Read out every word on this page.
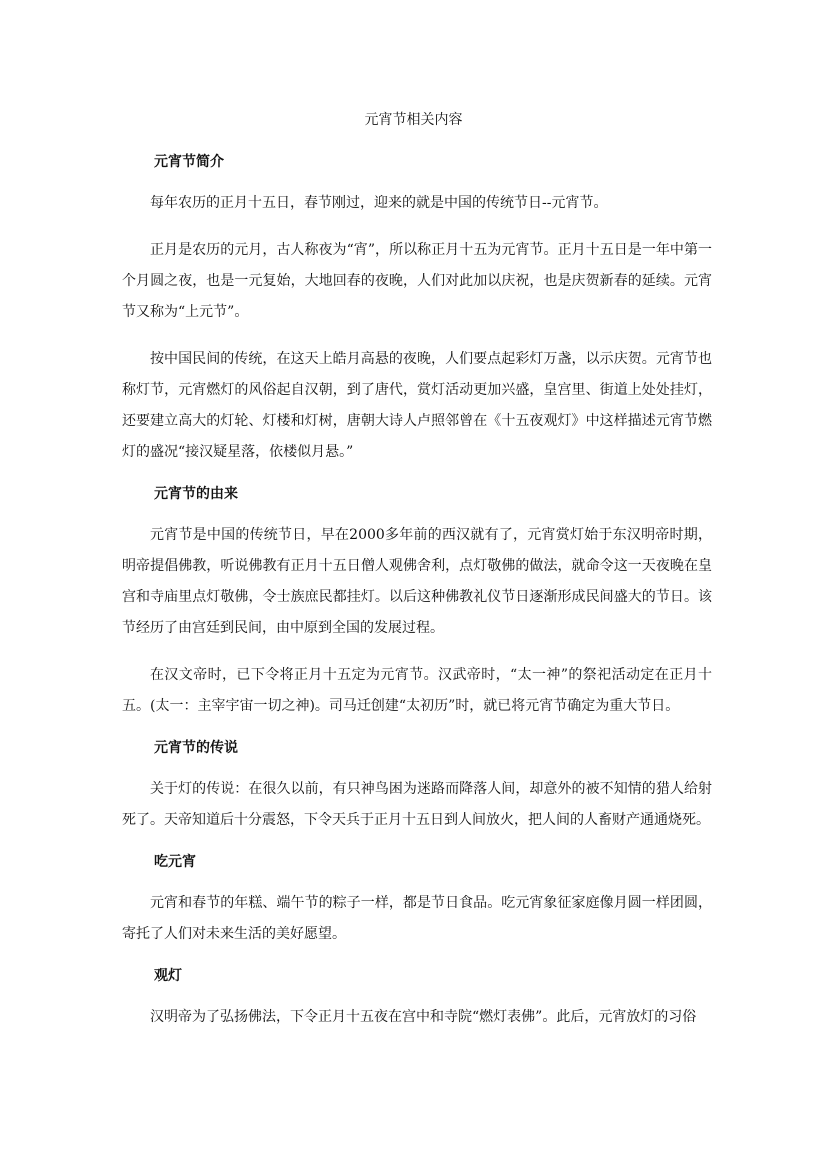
元宵节相关内容
元宵节简介

每年农历的正月十五日，春节刚过，迎来的就是中国的传统节日--元宵节。

正月是农历的元月，古人称夜为“宵”，所以称正月十五为元宵节。正月十五日是一年中第一个月圆之夜，也是一元复始，大地回春的夜晚，人们对此加以庆祝，也是庆贺新春的延续。元宵节又称为“上元节”。

按中国民间的传统，在这天上皓月高悬的夜晚，人们要点起彩灯万盏，以示庆贺。元宵节也称灯节，元宵燃灯的风俗起自汉朝，到了唐代，赏灯活动更加兴盛，皇宫里、街道上处处挂灯，还要建立高大的灯轮、灯楼和灯树，唐朝大诗人卢照邻曾在《十五夜观灯》中这样描述元宵节燃灯的盛况“接汉疑星落，依楼似月悬。”

元宵节的由来

元宵节是中国的传统节日，早在2000多年前的西汉就有了，元宵赏灯始于东汉明帝时期，明帝提倡佛教，听说佛教有正月十五日僧人观佛舍利，点灯敬佛的做法，就命令这一天夜晚在皇宫和寺庙里点灯敬佛，令士族庶民都挂灯。以后这种佛教礼仪节日逐渐形成民间盛大的节日。该节经历了由宫廷到民间，由中原到全国的发展过程。

在汉文帝时，已下令将正月十五定为元宵节。汉武帝时，“太一神”的祭祀活动定在正月十五。(太一：主宰宇宙一切之神)。司马迁创建“太初历”时，就已将元宵节确定为重大节日。

元宵节的传说

关于灯的传说：在很久以前，有只神鸟困为迷路而降落人间，却意外的被不知情的猎人给射死了。天帝知道后十分震怒，下令天兵于正月十五日到人间放火，把人间的人畜财产通通烧死。

吃元宵

元宵和春节的年糕、端午节的粽子一样，都是节日食品。吃元宵象征家庭像月圆一样团圆，寄托了人们对未来生活的美好愿望。

观灯

汉明帝为了弘扬佛法，下令正月十五夜在宫中和寺院“燃灯表佛”。此后，元宵放灯的习俗
